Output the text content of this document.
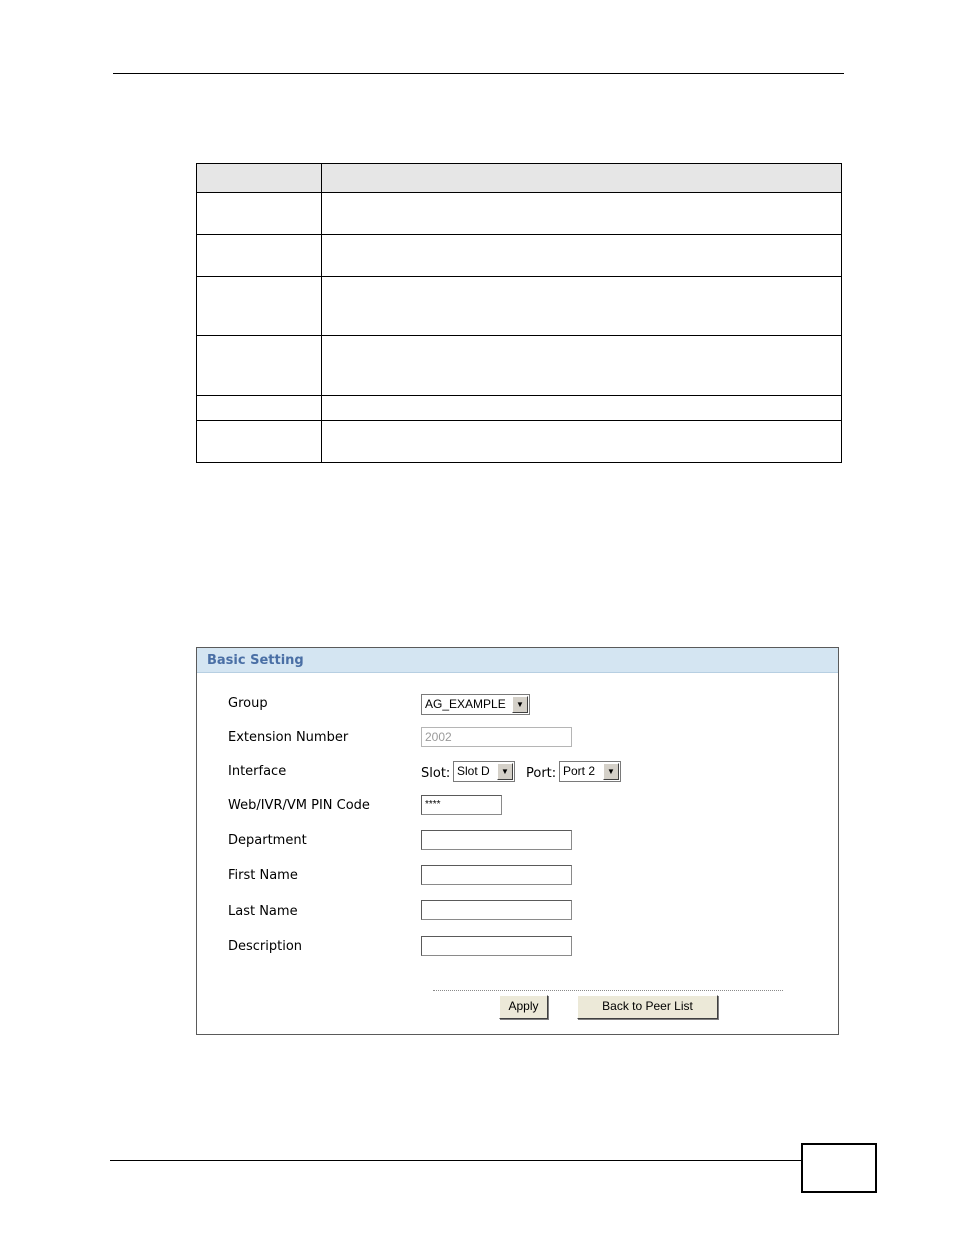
Basic Setting
Group	AG_EXAMPLE	▼
Extension Number	2002
Interface	Slot: Slot D	▼	Port: Port 2	▼
Web/IVR/VM PIN Code	****
Department
First Name
Last Name
Description
Apply	Back to Peer List
